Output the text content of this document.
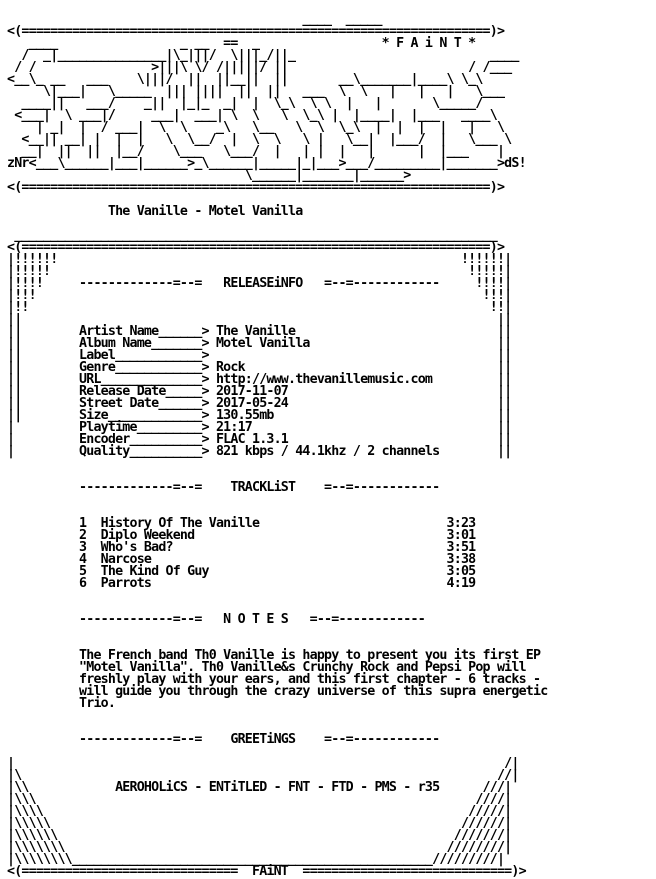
____  _____
<(=================================================================)>
____                 _ __  ==  _                 * F A i N T *
/  _|_______________|\_|||/  \|||_/||_                           ____
/ /                >|||\ \/ /|||||/ ||                         / /___
<__\_ __   ___    \|||/  ||  ||__||  ||       __\_______|____\ \_\
\|___|   \_____  ||| ||||  ||  ||   ___  \  \   |   |   |   \___
____||   ___/    _||  |_|_  _|  |  \_\  \ \  |   |       \_____/
<___|  \ ___|/     ___|  ___| \  \   \  \_\ |  |____|  |___   ____\
| _|  |  / ___|  \  \    _\   \__   \  \  \_\  |  |  |  |   |   \
<__|| __| |  |  |   \  \__/  |  \  \   \ |   \__|  |___/  |   \___ \
__|  ||  ||  |__/    \___   \___/  |   | |  |   |      |  |___    |
zNr<___\______|___|______>_\______|_____|_|___>___/_________|_______>dS!
\______|_______|______>
<(=================================================================)>
The Vanille - Motel Vanilla
___________________________________________________________________
<(=================================================================)>
|!!!!!!                                                        !!!!!!|
|!!!!!                                                          !!!!!|
|!!!!     -------------=--=   RELEASEiNFO   =--=------------     !!!!|
|!!!                                                              !!!|
|!!                                                                !!|
||                                                                  ||
||        Artist Name______> The Vanille                            ||
||        Album Name_______> Motel Vanilla                          ||
||        Label____________>                                        ||
||        Genre____________> Rock                                   ||
||        URL______________> http://www.thevanillemusic.com         ||
||        Release Date_____> 2017-11-07                             ||
||        Street Date______> 2017-05-24                             ||
||        Size_____________> 130.55mb                               ||
|         Playtime_________> 21:17                                  ||
|         Encoder__________> FLAC 1.3.1                             ||
|         Quality__________> 821 kbps / 44.1khz / 2 channels        ||
-------------=--=    TRACKLiST    =--=------------
1  History Of The Vanille                          3:23
2  Diplo Weekend                                   3:01
3  Who's Bad?                                      3:51
4  Narcose                                         3:38
5  The Kind Of Guy                                 3:05
6  Parrots                                         4:19
-------------=--=   N O T E S   =--=------------
The French band Th0 Vanille is happy to present you its first EP
"Motel Vanilla". Th0 Vanille&s Crunchy Rock and Pepsi Pop will
freshly play with your ears, and this first chapter - 6 tracks -
will guide you through the crazy universe of this supra energetic
Trio.
-------------=--=    GREETiNGS    =--=------------
|                                                                    /|
|\                                                                  //|
|\\            AEROHOLiCS - ENTiTLED - FNT - FTD - PMS - r35      ///|
|\\\                                                             ////|
|\\\\                                                           /////|
|\\\\\                                                         //////|
|\\\\\\                                                       ///////|
|\\\\\\\                                                     ////////|
|\\\\\\\\__________________________________________________/////////|
<(==============================  FAiNT  =============================)>
